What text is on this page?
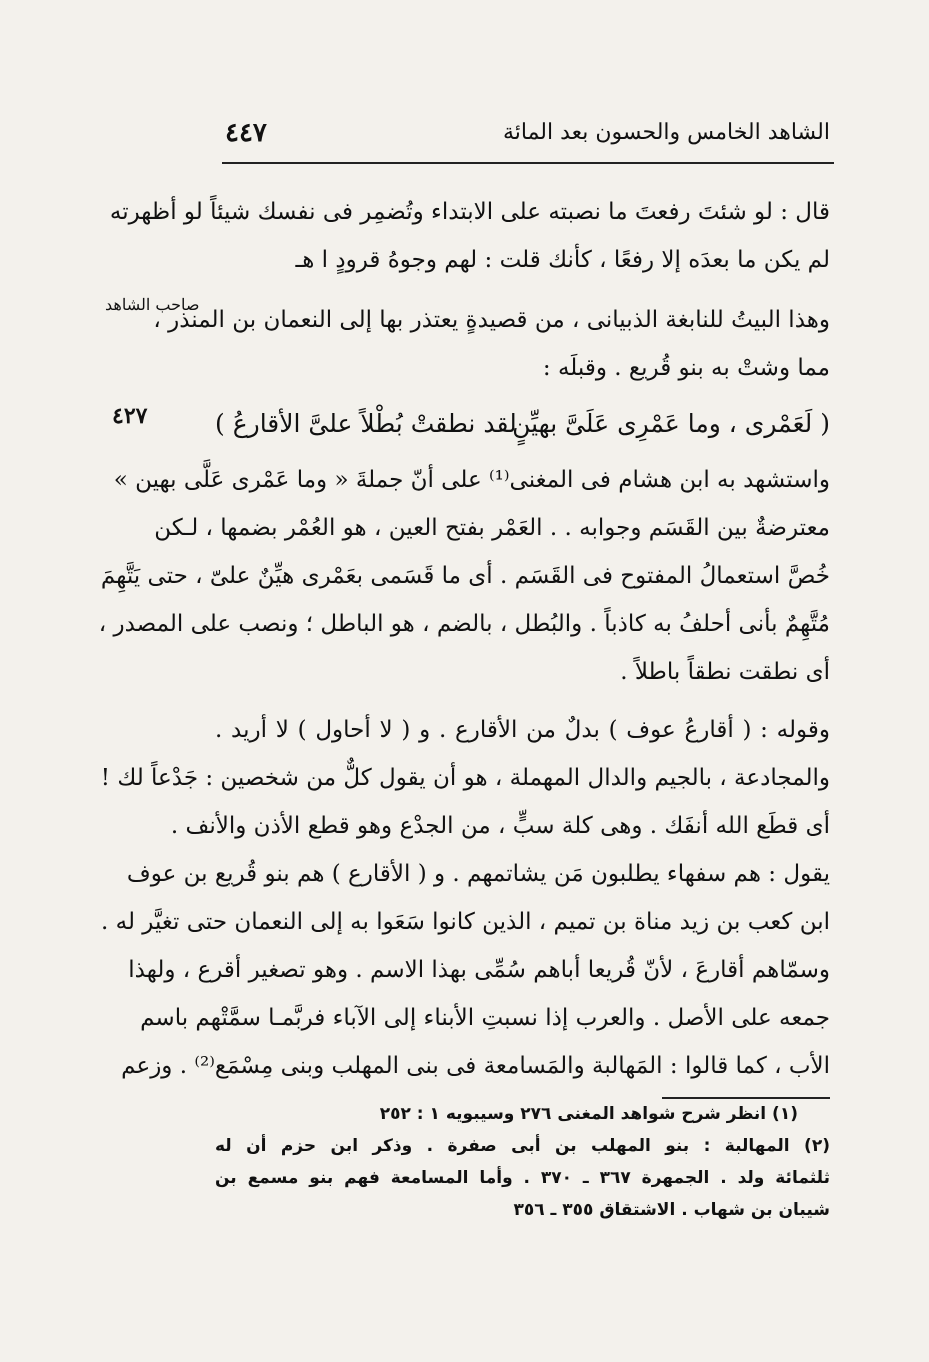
الشاهد الخامس والحسون بعد المائة
٤٤٧
قال : لو شئتَ رفعتَ ما نصبته على الابتداء وتُضمِر فى نفسك شيئاً لو أظهرته
لم يكن ما بعدَه إلا رفعًا ، كأنك قلت : لهم وجوهُ قرودٍ ا هـ
صاحب الشاهد
وهذا البيتُ للنابغة الذبيانى ، من قصيدةٍ يعتذر بها إلى النعمان بن المنذر ،
مما وشتْ به بنو قُريع . وقبلَه :
٤٢٧	( لَعَمْرى ، وما عَمْرِى عَلَىَّ بهيِّنٍ
لقد نطقتْ بُطْلاً علىَّ الأقارعُ )
واستشهد به ابن هشام فى المغنى⁽¹⁾ على أنّ جملةَ « وما عَمْرى عَلَّى بهين »
معترضةٌ بين القَسَم وجوابه . . العَمْر بفتح العين ، هو العُمْر بضمها ، لـكن
خُصَّ استعمالُ المفتوح فى القَسَم . أى ما قَسَمى بعَمْرى هيِّنٌ علىّ ، حتى يَتَّهِمَ
مُتَّهِمٌ بأنى أحلفُ به كاذباً . والبُطل ، بالضم ، هو الباطل ؛ ونصب على المصدر ،
أى نطقت نطقاً باطلاً .
وقوله : ( أقارعُ عوف ) بدلٌ من الأقارع . و ( لا أحاول ) لا أريد .
والمجادعة ، بالجيم والدال المهملة ، هو أن يقول كلٌّ من شخصين : جَدْعاً لك !
أى قطَع الله أنفَك . وهى كلة سبٍّ ، من الجدْع وهو قطع الأذن والأنف .
يقول : هم سفهاء يطلبون مَن يشاتمهم . و ( الأقارع ) هم بنو قُريع بن عوف
ابن كعب بن زيد مناة بن تميم ، الذين كانوا سَعَوا به إلى النعمان حتى تغيَّر له .
وسمّاهم أقارعَ ، لأنّ قُريعا أباهم سُمِّى بهذا الاسم . وهو تصغير أقرع ، ولهذا
جمعه على الأصل . والعرب إذا نسبتِ الأبناء إلى الآباء فربَّمـا سمَّتْهم باسم
الأب ، كما قالوا : المَهالبة والمَسامعة فى بنى المهلب وبنى مِسْمَع⁽²⁾ . وزعم
(١) انظر شرح شواهد المغنى ٢٧٦ وسيبويه ١ : ٢٥٢
(٢) المهالبة : بنو المهلب بن أبى صفرة . وذكر ابن حزم أن له
ثلثمائة ولد . الجمهرة ٣٦٧ ـ ٣٧٠ . وأما المسامعة فهم بنو مسمع بن
شيبان بن شهاب . الاشتقاق ٣٥٥ ـ ٣٥٦
